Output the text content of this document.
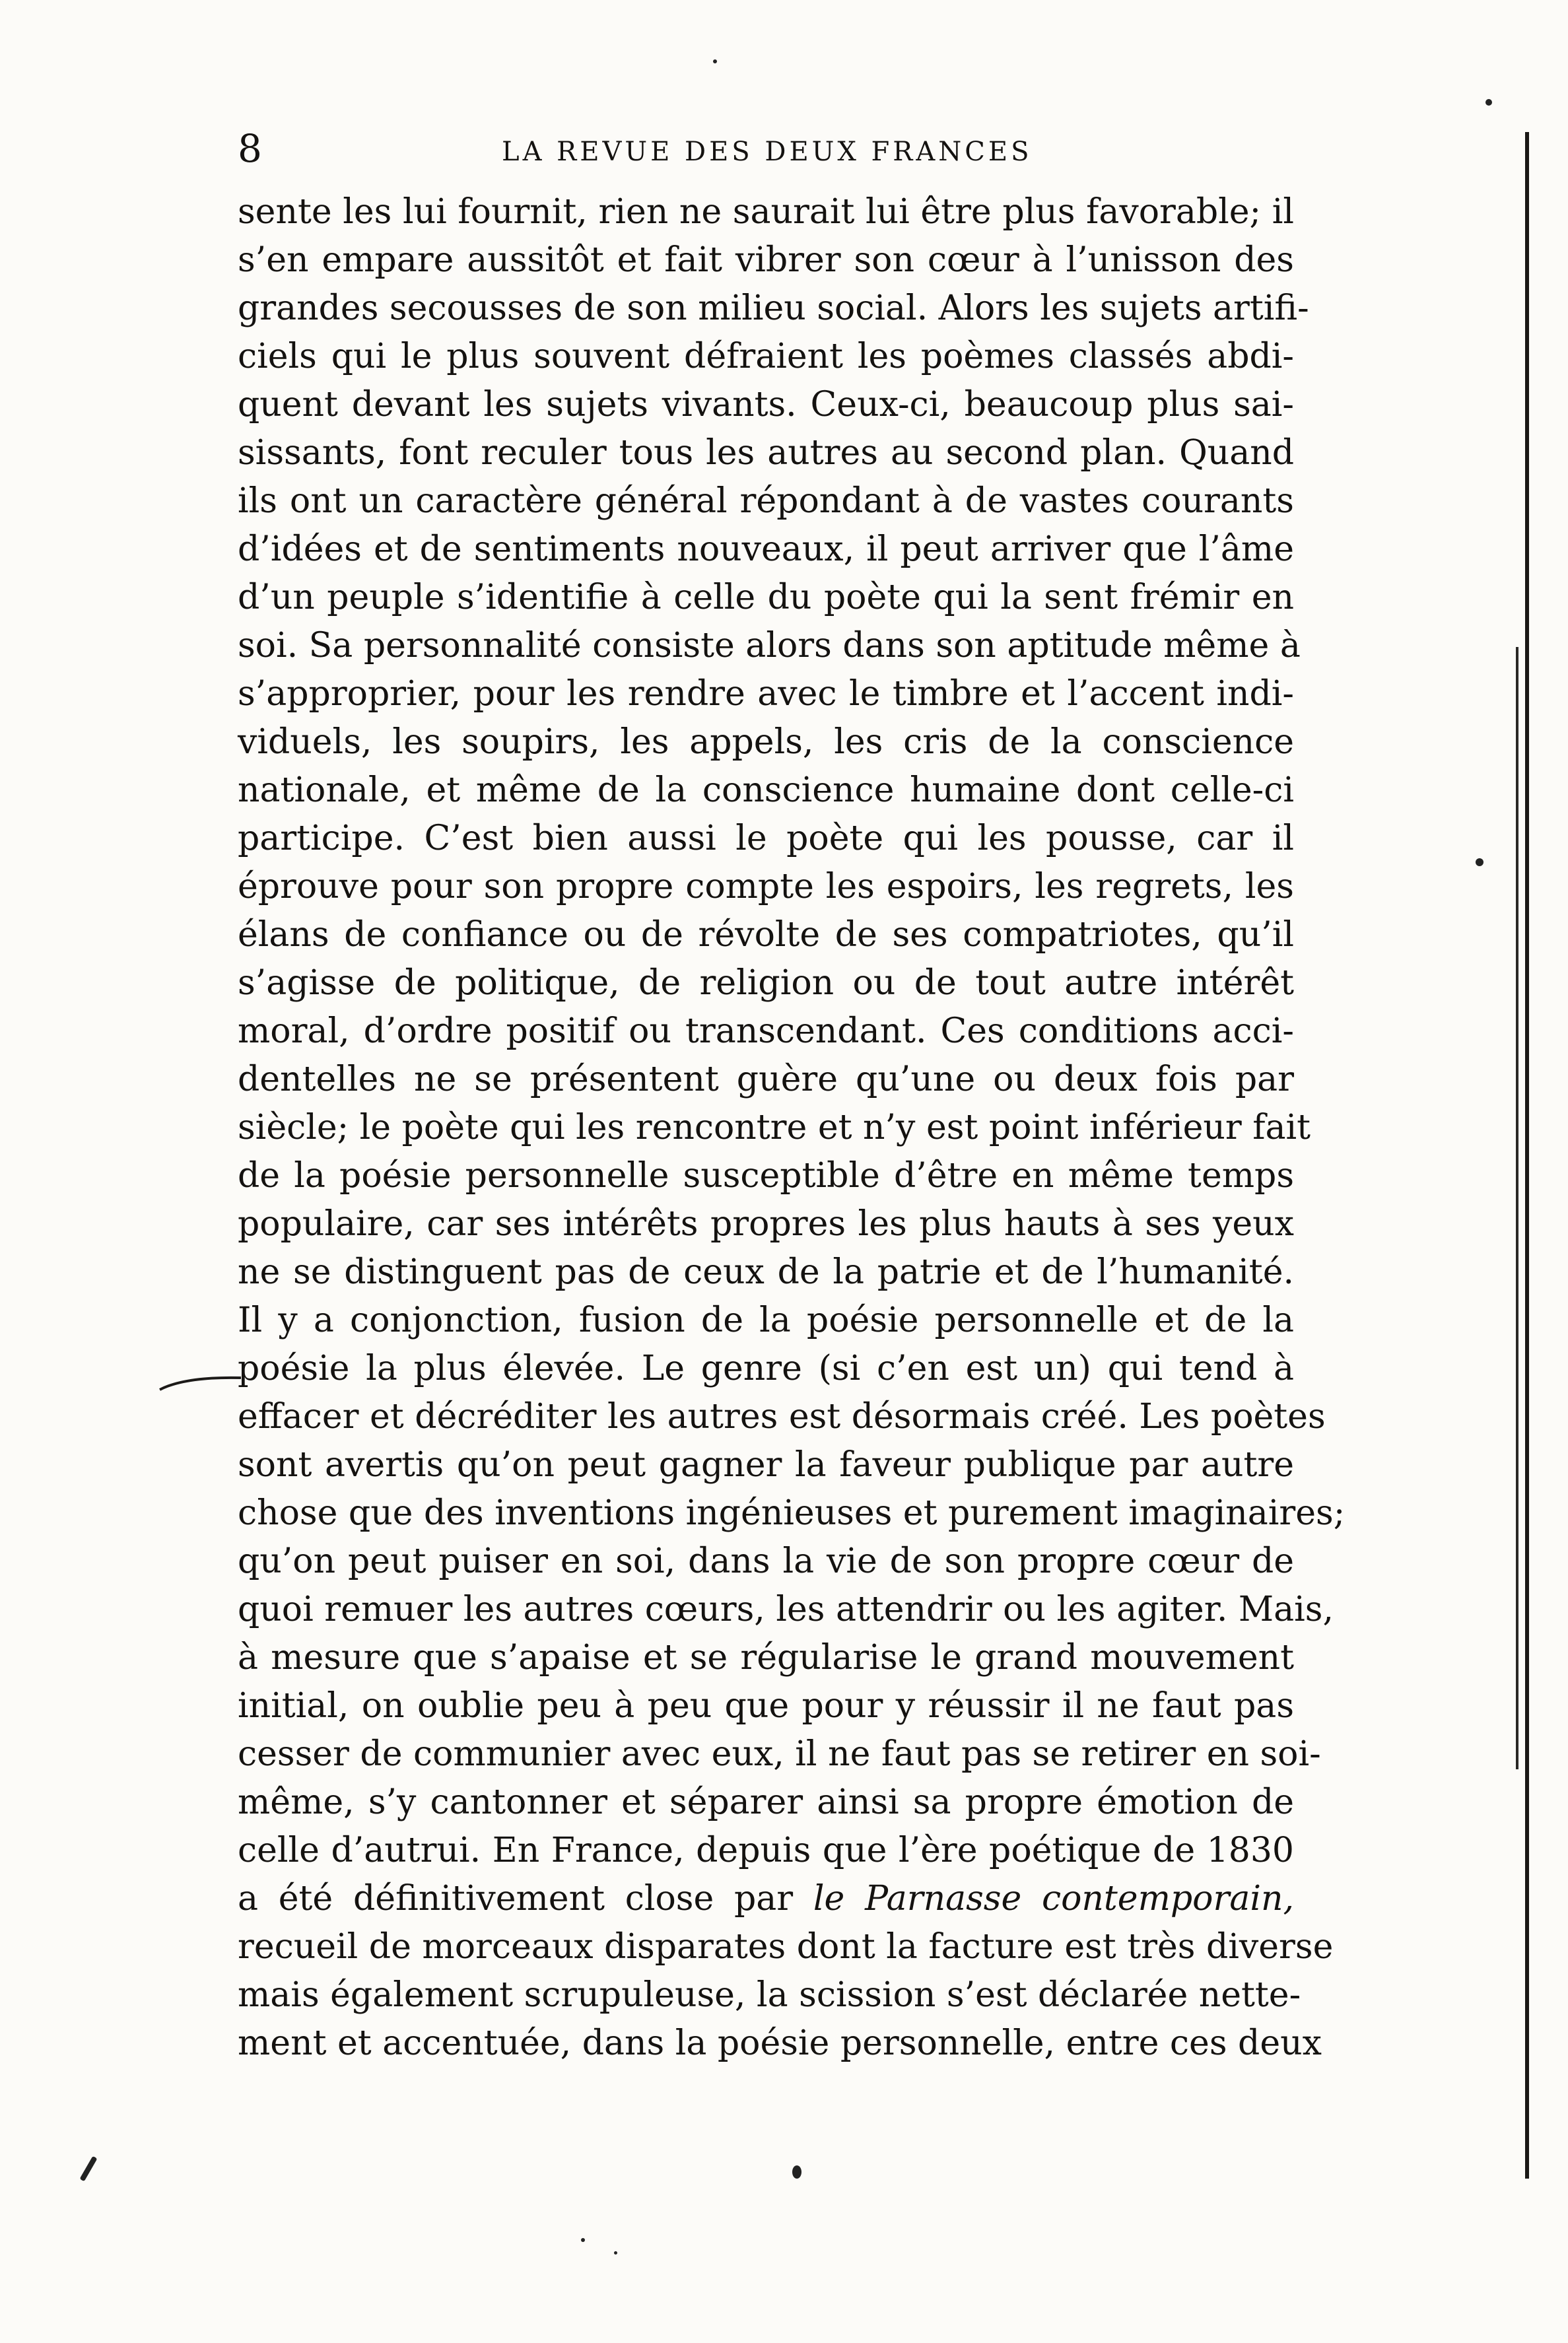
8	LA REVUE DES DEUX FRANCES
sente les lui fournit, rien ne saurait lui être plus favorable; il
s’en empare aussitôt et fait vibrer son cœur à l’unisson des
grandes secousses de son milieu social. Alors les sujets artifi-
ciels qui le plus souvent défraient les poèmes classés abdi-
quent devant les sujets vivants. Ceux-ci, beaucoup plus sai-
sissants, font reculer tous les autres au second plan. Quand
ils ont un caractère général répondant à de vastes courants
d’idées et de sentiments nouveaux, il peut arriver que l’âme
d’un peuple s’identifie à celle du poète qui la sent frémir en
soi. Sa personnalité consiste alors dans son aptitude même à
s’approprier, pour les rendre avec le timbre et l’accent indi-
viduels, les soupirs, les appels, les cris de la conscience
nationale, et même de la conscience humaine dont celle-ci
participe. C’est bien aussi le poète qui les pousse, car il
éprouve pour son propre compte les espoirs, les regrets, les
élans de confiance ou de révolte de ses compatriotes, qu’il
s’agisse de politique, de religion ou de tout autre intérêt
moral, d’ordre positif ou transcendant. Ces conditions acci-
dentelles ne se présentent guère qu’une ou deux fois par
siècle; le poète qui les rencontre et n’y est point inférieur fait
de la poésie personnelle susceptible d’être en même temps
populaire, car ses intérêts propres les plus hauts à ses yeux
ne se distinguent pas de ceux de la patrie et de l’humanité.
Il y a conjonction, fusion de la poésie personnelle et de la
poésie la plus élevée. Le genre (si c’en est un) qui tend à
effacer et décréditer les autres est désormais créé. Les poètes
sont avertis qu’on peut gagner la faveur publique par autre
chose que des inventions ingénieuses et purement imaginaires;
qu’on peut puiser en soi, dans la vie de son propre cœur de
quoi remuer les autres cœurs, les attendrir ou les agiter. Mais,
à mesure que s’apaise et se régularise le grand mouvement
initial, on oublie peu à peu que pour y réussir il ne faut pas
cesser de communier avec eux, il ne faut pas se retirer en soi-
même, s’y cantonner et séparer ainsi sa propre émotion de
celle d’autrui. En France, depuis que l’ère poétique de 1830
a été définitivement close par le Parnasse contemporain,
recueil de morceaux disparates dont la facture est très diverse
mais également scrupuleuse, la scission s’est déclarée nette-
ment et accentuée, dans la poésie personnelle, entre ces deux
